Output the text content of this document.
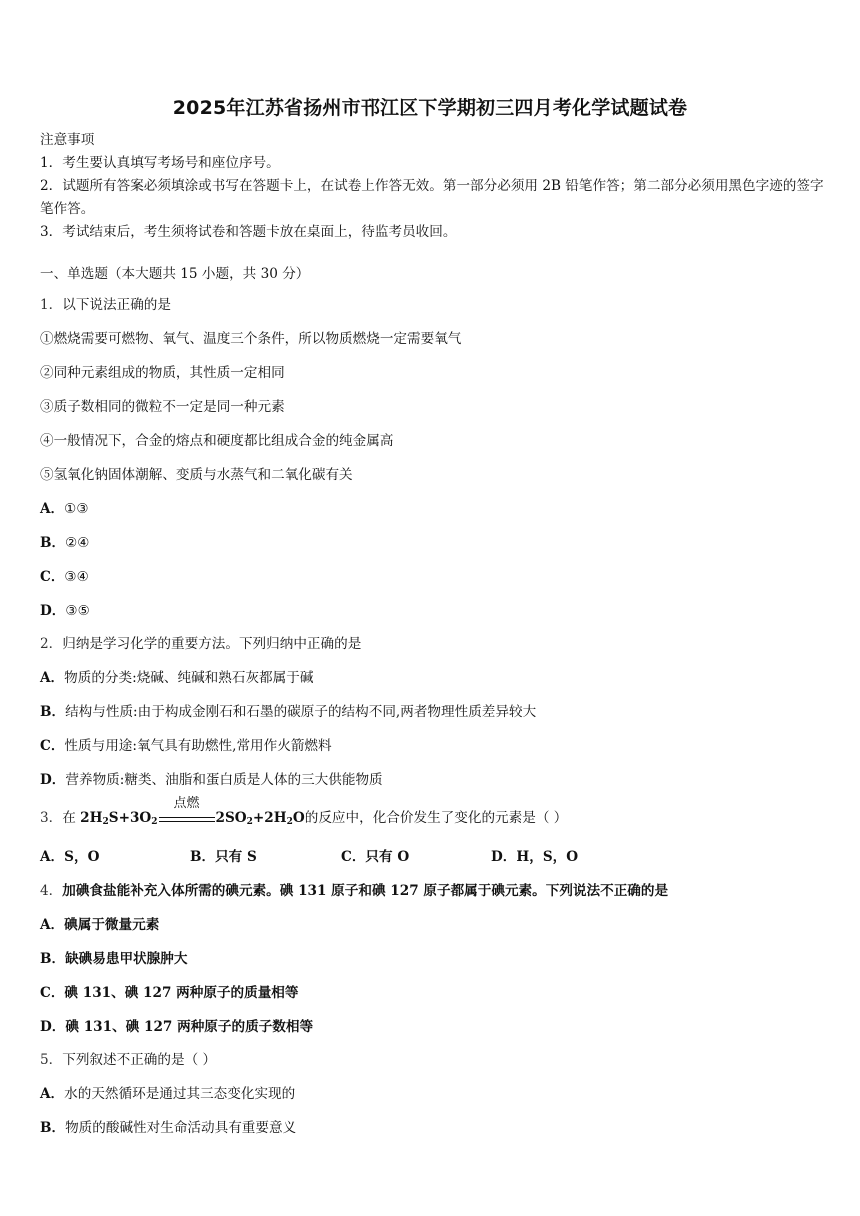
2025年江苏省扬州市邗江区下学期初三四月考化学试题试卷
注意事项
1．考生要认真填写考场号和座位序号。
2．试题所有答案必须填涂或书写在答题卡上，在试卷上作答无效。第一部分必须用 2B 铅笔作答；第二部分必须用黑色字迹的签字笔作答。
3．考试结束后，考生须将试卷和答题卡放在桌面上，待监考员收回。
一、单选题（本大题共 15 小题，共 30 分）
1．以下说法正确的是
①燃烧需要可燃物、氧气、温度三个条件，所以物质燃烧一定需要氧气
②同种元素组成的物质，其性质一定相同
③质子数相同的微粒不一定是同一种元素
④一般情况下，合金的熔点和硬度都比组成合金的纯金属高
⑤氢氧化钠固体潮解、变质与水蒸气和二氧化碳有关
A．①③
B．②④
C．③④
D．③⑤
2．归纳是学习化学的重要方法。下列归纳中正确的是
A．物质的分类:烧碱、纯碱和熟石灰都属于碱
B．结构与性质:由于构成金刚石和石墨的碳原子的结构不同,两者物理性质差异较大
C．性质与用途:氧气具有助燃性,常用作火箭燃料
D．营养物质:糖类、油脂和蛋白质是人体的三大供能物质
3．在 $2H_2S+3O_2$
点燃
$2SO_2+2H_2O$的反应中，化合价发生了变化的元素是（ ）
A．S，O	B．只有 S	C．只有 O	D．H，S，O
4．加碘食盐能补充入体所需的碘元素。碘 131 原子和碘 127 原子都属于碘元素。下列说法不正确的是
A．碘属于微量元素
B．缺碘易患甲状腺肿大
C．碘 131、碘 127 两种原子的质量相等
D．碘 131、碘 127 两种原子的质子数相等
5．下列叙述不正确的是（ ）
A．水的天然循环是通过其三态变化实现的
B．物质的酸碱性对生命活动具有重要意义
